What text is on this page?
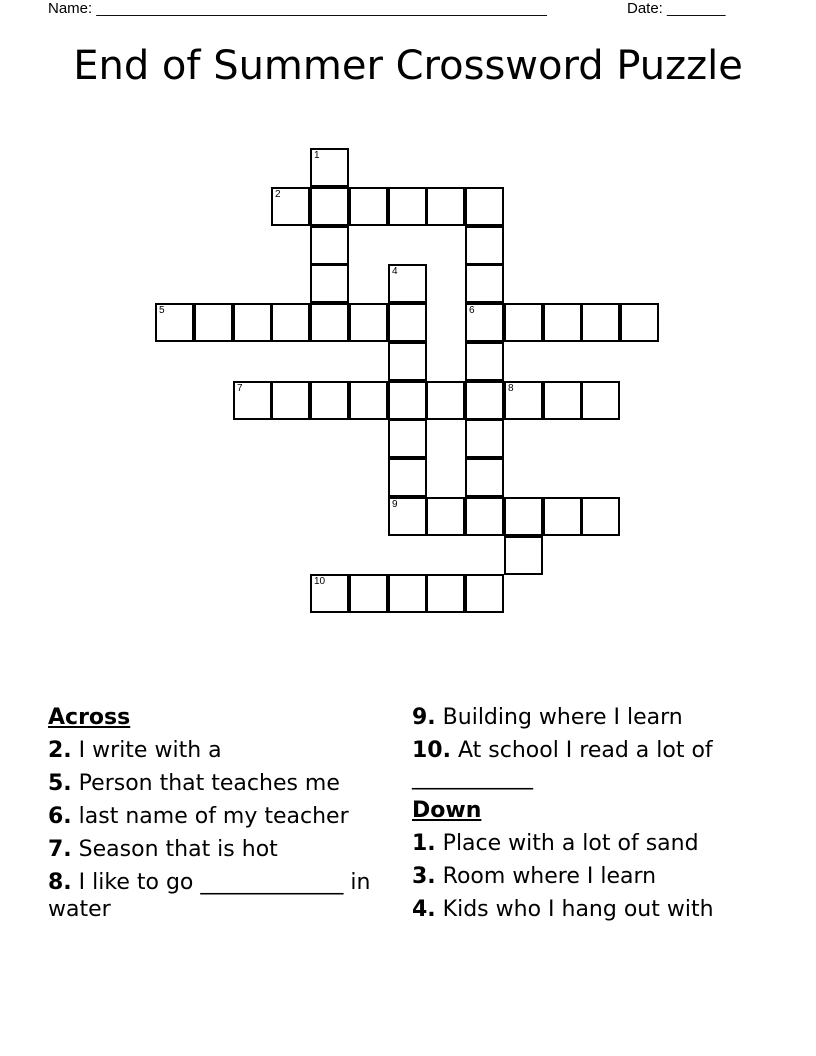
Name: ______________________________________________________	Date: _______
End of Summer Crossword Puzzle
1
2
4
5	6
7	8
9
10
Across
2. I write with a
5. Person that teaches me
6. last name of my teacher
7. Season that is hot
8. I like to go _____________ in water
9. Building where I learn
10. At school I read a lot of ___________
Down
1. Place with a lot of sand
3. Room where I learn
4. Kids who I hang out with
